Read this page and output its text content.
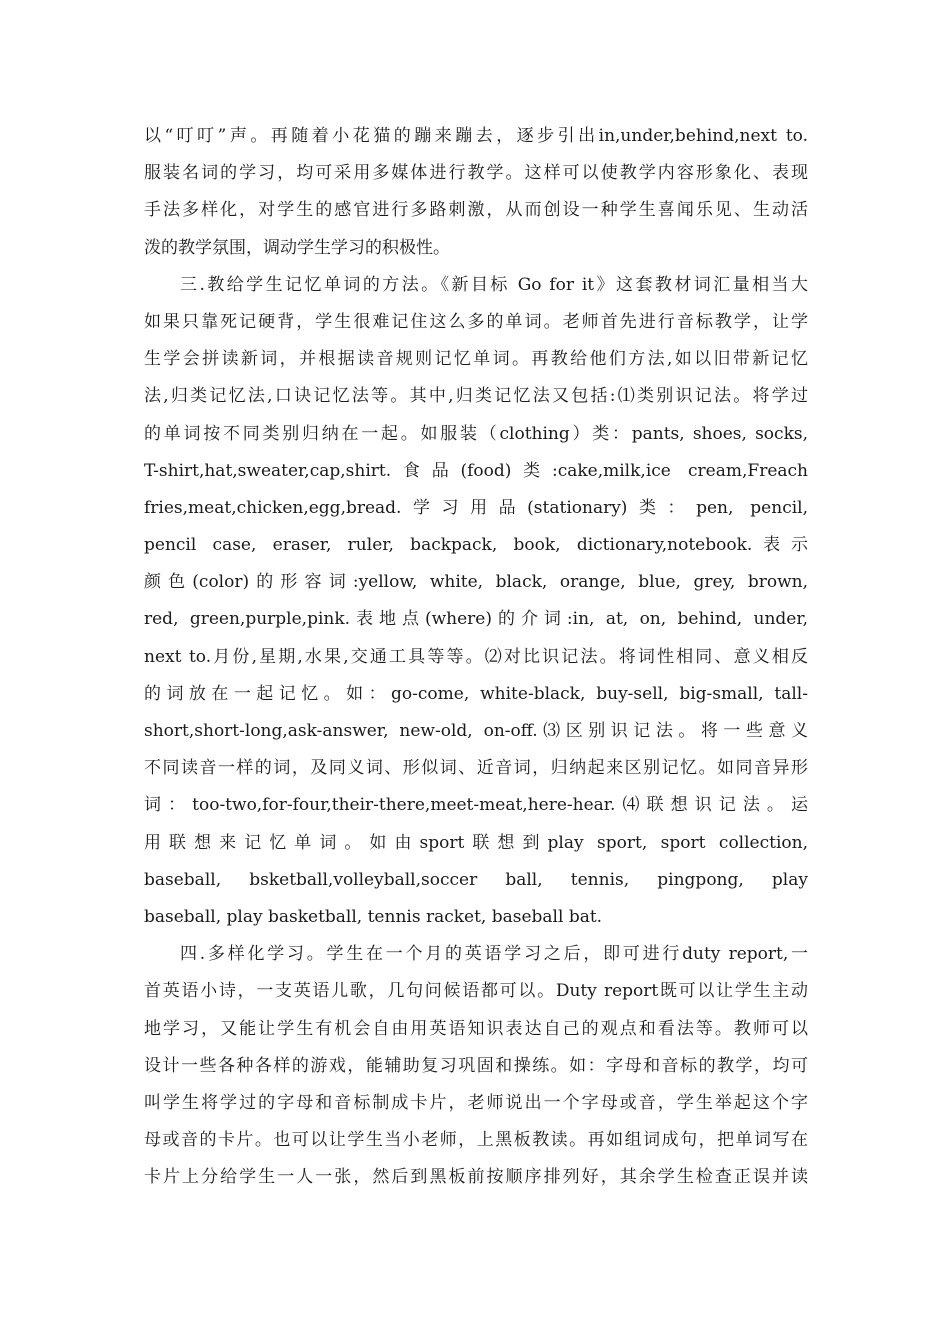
以“叮叮”声。再随着小花猫的蹦来蹦去，逐步引出in,under,behind,next to.
服装名词的学习，均可采用多媒体进行教学。这样可以使教学内容形象化、表现
手法多样化，对学生的感官进行多路刺激，从而创设一种学生喜闻乐见、生动活
泼的教学氛围，调动学生学习的积极性。
三.教给学生记忆单词的方法。《新目标 Go for it》这套教材词汇量相当大
如果只靠死记硬背，学生很难记住这么多的单词。老师首先进行音标教学，让学
生学会拼读新词，并根据读音规则记忆单词。再教给他们方法,如以旧带新记忆
法,归类记忆法,口诀记忆法等。其中,归类记忆法又包括:⑴类别识记法。将学过
的单词按不同类别归纳在一起。如服装（clothing）类：pants, shoes, socks,
T-shirt,hat,sweater,cap,shirt.食品(food)类:cake,milk,ice cream,Freach
fries,meat,chicken,egg,bread.学习用品(stationary)类：pen, pencil,
pencil case, eraser, ruler, backpack, book, dictionary,notebook.表示
颜色(color)的形容词:yellow, white, black, orange, blue, grey, brown,
red, green,purple,pink.表地点(where)的介词:in, at, on, behind, under,
next to.月份,星期,水果,交通工具等等。⑵对比识记法。将词性相同、意义相反
的词放在一起记忆。如：go-come, white-black, buy-sell, big-small, tall-
short,short-long,ask-answer, new-old, on-off.⑶区别识记法。将一些意义
不同读音一样的词，及同义词、形似词、近音词，归纳起来区别记忆。如同音异形
词：too-two,for-four,their-there,meet-meat,here-hear.⑷联想识记法。运
用联想来记忆单词。如由sport联想到play sport, sport collection,
baseball, bsketball,volleyball,soccer ball, tennis, pingpong, play
baseball, play basketball, tennis racket, baseball bat.
四.多样化学习。学生在一个月的英语学习之后，即可进行duty report,一
首英语小诗，一支英语儿歌，几句问候语都可以。Duty report既可以让学生主动
地学习，又能让学生有机会自由用英语知识表达自己的观点和看法等。教师可以
设计一些各种各样的游戏，能辅助复习巩固和操练。如：字母和音标的教学，均可
叫学生将学过的字母和音标制成卡片，老师说出一个字母或音，学生举起这个字
母或音的卡片。也可以让学生当小老师，上黑板教读。再如组词成句，把单词写在
卡片上分给学生一人一张，然后到黑板前按顺序排列好，其余学生检查正误并读
